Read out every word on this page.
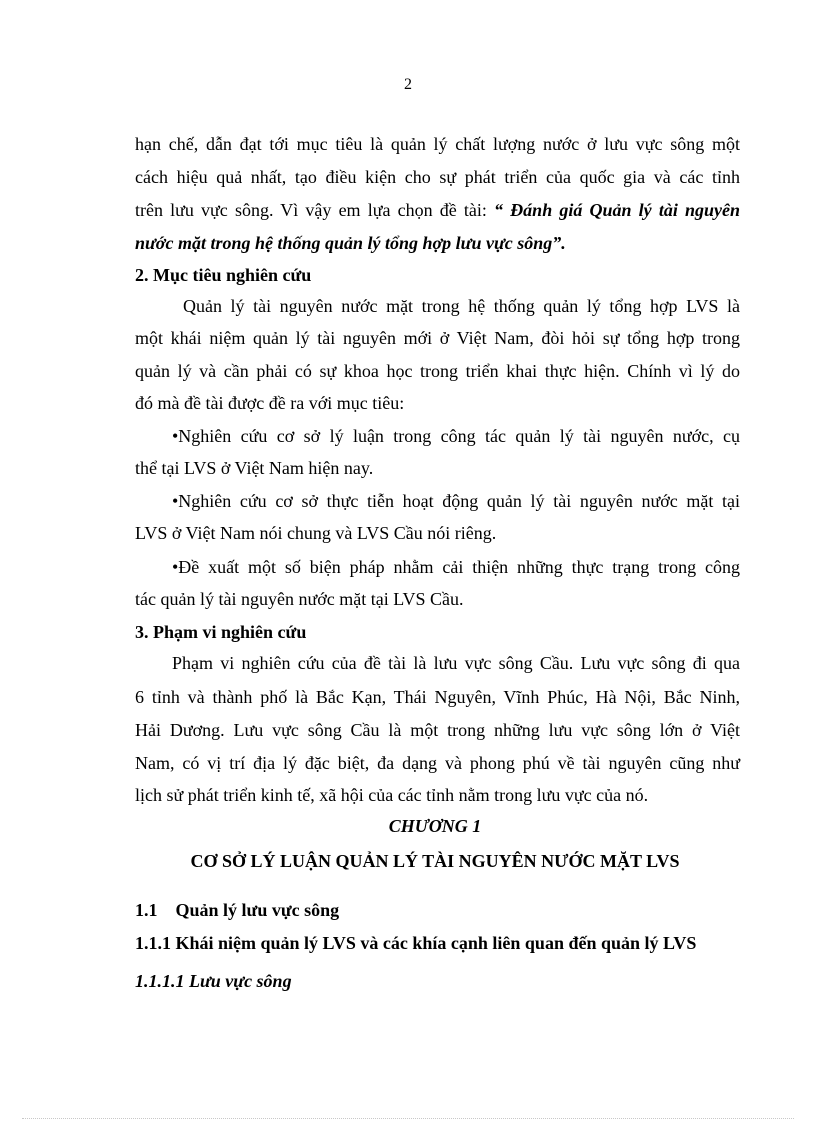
2
hạn chế, dẫn đạt tới mục tiêu là quản lý chất lượng nước ở lưu vực sông một
cách hiệu quả nhất, tạo điều kiện cho sự phát triển của quốc gia và các tỉnh
trên lưu vực sông. Vì vậy em lựa chọn đề tài: “ Đánh giá Quản lý tài nguyên
nước mặt trong hệ thống quản lý tổng hợp lưu vực sông”.
2. Mục tiêu nghiên cứu
Quản lý tài nguyên nước mặt trong hệ thống quản lý tổng hợp LVS là
một khái niệm quản lý tài nguyên mới ở Việt Nam, đòi hỏi sự tổng hợp trong
quản lý và cần phải có sự khoa học trong triển khai thực hiện. Chính vì lý do
đó mà đề tài được đề ra với mục tiêu:
•Nghiên cứu cơ sở lý luận trong công tác quản lý tài nguyên nước, cụ
thể tại LVS ở Việt Nam hiện nay.
•Nghiên cứu cơ sở thực tiễn hoạt động quản lý tài nguyên nước mặt tại
LVS ở Việt Nam nói chung và LVS Cầu nói riêng.
•Đề xuất một số biện pháp nhằm cải thiện những thực trạng trong công
tác quản lý tài nguyên nước mặt tại LVS Cầu.
3. Phạm vi nghiên cứu
Phạm vi nghiên cứu của đề tài là lưu vực sông Cầu. Lưu vực sông đi qua
6 tỉnh và thành phố là Bắc Kạn, Thái Nguyên, Vĩnh Phúc, Hà Nội, Bắc Ninh,
Hải Dương. Lưu vực sông Cầu là một trong những lưu vực sông lớn ở Việt
Nam, có vị trí địa lý đặc biệt, đa dạng và phong phú về tài nguyên cũng như
lịch sử phát triển kinh tế, xã hội của các tỉnh nằm trong lưu vực của nó.
CHƯƠNG 1
CƠ SỞ LÝ LUẬN QUẢN LÝ TÀI NGUYÊN NƯỚC MẶT LVS
1.1    Quản lý lưu vực sông
1.1.1 Khái niệm quản lý LVS và các khía cạnh liên quan đến quản lý LVS
1.1.1.1 Lưu vực sông
